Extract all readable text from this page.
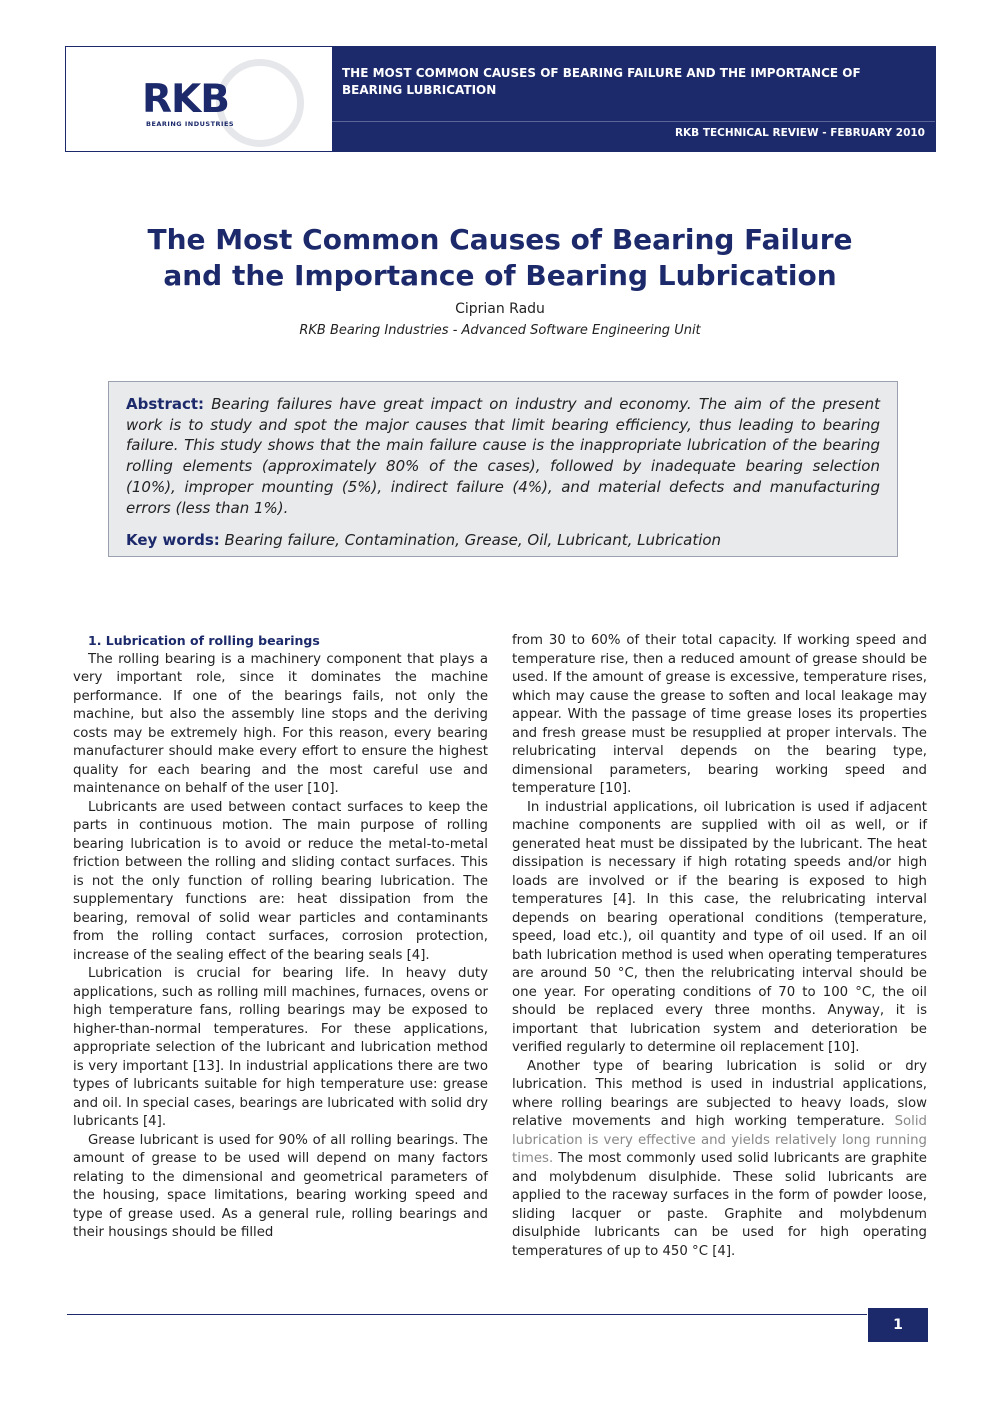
RKB
BEARING INDUSTRIES
THE MOST COMMON CAUSES OF BEARING FAILURE AND THE IMPORTANCE OF BEARING LUBRICATION
RKB TECHNICAL REVIEW - FEBRUARY 2010
The Most Common Causes of Bearing Failure
and the Importance of Bearing Lubrication
Ciprian Radu
RKB Bearing Industries - Advanced Software Engineering Unit

Abstract: Bearing failures have great impact on industry and economy. The aim of the present work is to study and spot the major causes that limit bearing efficiency, thus leading to bearing failure. This study shows that the main failure cause is the inappropriate lubrication of the bearing rolling elements (approximately 80% of the cases), followed by inadequate bearing selection (10%), improper mounting (5%), indirect failure (4%), and material defects and manufacturing errors (less than 1%).

Key words: Bearing failure, Contamination, Grease, Oil, Lubricant, Lubrication

1. Lubrication of rolling bearings

The rolling bearing is a machinery component that plays a very important role, since it dominates the machine performance. If one of the bearings fails, not only the machine, but also the assembly line stops and the deriving costs may be extremely high. For this reason, every bearing manufacturer should make every effort to ensure the highest quality for each bearing and the most careful use and maintenance on behalf of the user [10].

Lubricants are used between contact surfaces to keep the parts in continuous motion. The main purpose of rolling bearing lubrication is to avoid or reduce the metal-to-metal friction between the rolling and sliding contact surfaces. This is not the only function of rolling bearing lubrication. The supplementary functions are: heat dissipation from the bearing, removal of solid wear particles and contaminants from the rolling contact surfaces, corrosion protection, increase of the sealing effect of the bearing seals [4].

Lubrication is crucial for bearing life. In heavy duty applications, such as rolling mill machines, furnaces, ovens or high temperature fans, rolling bearings may be exposed to higher-than-normal temperatures. For these applications, appropriate selection of the lubricant and lubrication method is very important [13]. In industrial applications there are two types of lubricants suitable for high temperature use: grease and oil. In special cases, bearings are lubricated with solid dry lubricants [4].

Grease lubricant is used for 90% of all rolling bearings. The amount of grease to be used will depend on many factors relating to the dimensional and geometrical parameters of the housing, space limitations, bearing working speed and type of grease used. As a general rule, rolling bearings and their housings should be filled

from 30 to 60% of their total capacity. If working speed and temperature rise, then a reduced amount of grease should be used. If the amount of grease is excessive, temperature rises, which may cause the grease to soften and local leakage may appear. With the passage of time grease loses its properties and fresh grease must be resupplied at proper intervals. The relubricating interval depends on the bearing type, dimensional parameters, bearing working speed and temperature [10].

In industrial applications, oil lubrication is used if adjacent machine components are supplied with oil as well, or if generated heat must be dissipated by the lubricant. The heat dissipation is necessary if high rotating speeds and/or high loads are involved or if the bearing is exposed to high temperatures [4]. In this case, the relubricating interval depends on bearing operational conditions (temperature, speed, load etc.), oil quantity and type of oil used. If an oil bath lubrication method is used when operating temperatures are around 50 °C, then the relubricating interval should be one year. For operating conditions of 70 to 100 °C, the oil should be replaced every three months. Anyway, it is important that lubrication system and deterioration be verified regularly to determine oil replacement [10].

Another type of bearing lubrication is solid or dry lubrication. This method is used in industrial applications, where rolling bearings are subjected to heavy loads, slow relative movements and high working temperature. Solid lubrication is very effective and yields relatively long running times. The most commonly used solid lubricants are graphite and molybdenum disulphide. These solid lubricants are applied to the raceway surfaces in the form of powder loose, sliding lacquer or paste. Graphite and molybdenum disulphide lubricants can be used for high operating temperatures of up to 450 °C [4].

1
